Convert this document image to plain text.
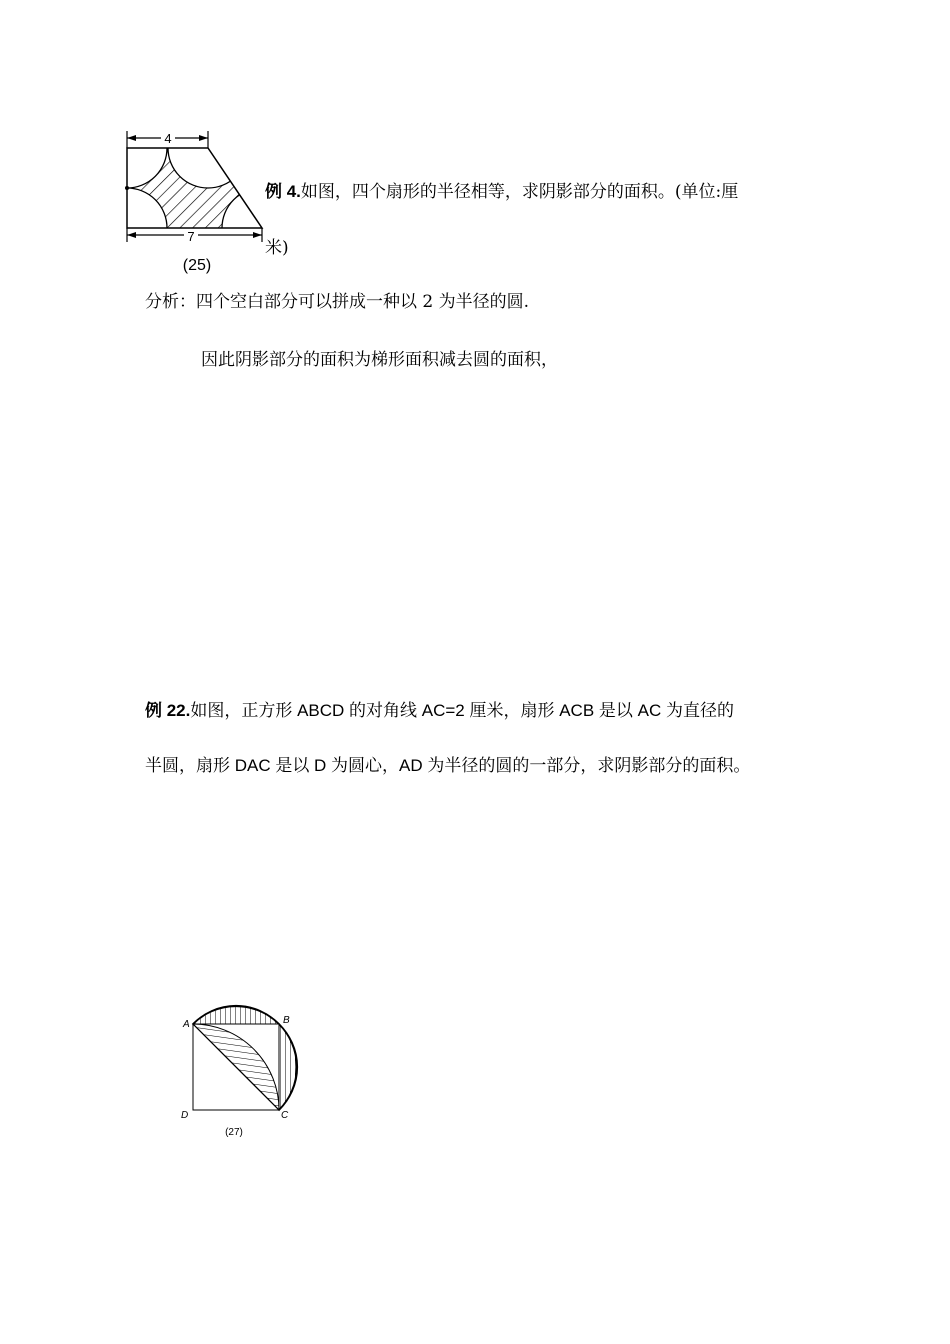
4
7
(25)
例 4.如图，四个扇形的半径相等，求阴影部分的面积。(单位:厘
米)
分析：四个空白部分可以拼成一种以 2 为半径的圆.
因此阴影部分的面积为梯形面积减去圆的面积，
例 22.如图，正方形 ABCD 的对角线 AC=2 厘米，扇形 ACB 是以 AC 为直径的
半圆，扇形 DAC 是以 D 为圆心，AD 为半径的圆的一部分，求阴影部分的面积。
A	B
D	C
(27)
